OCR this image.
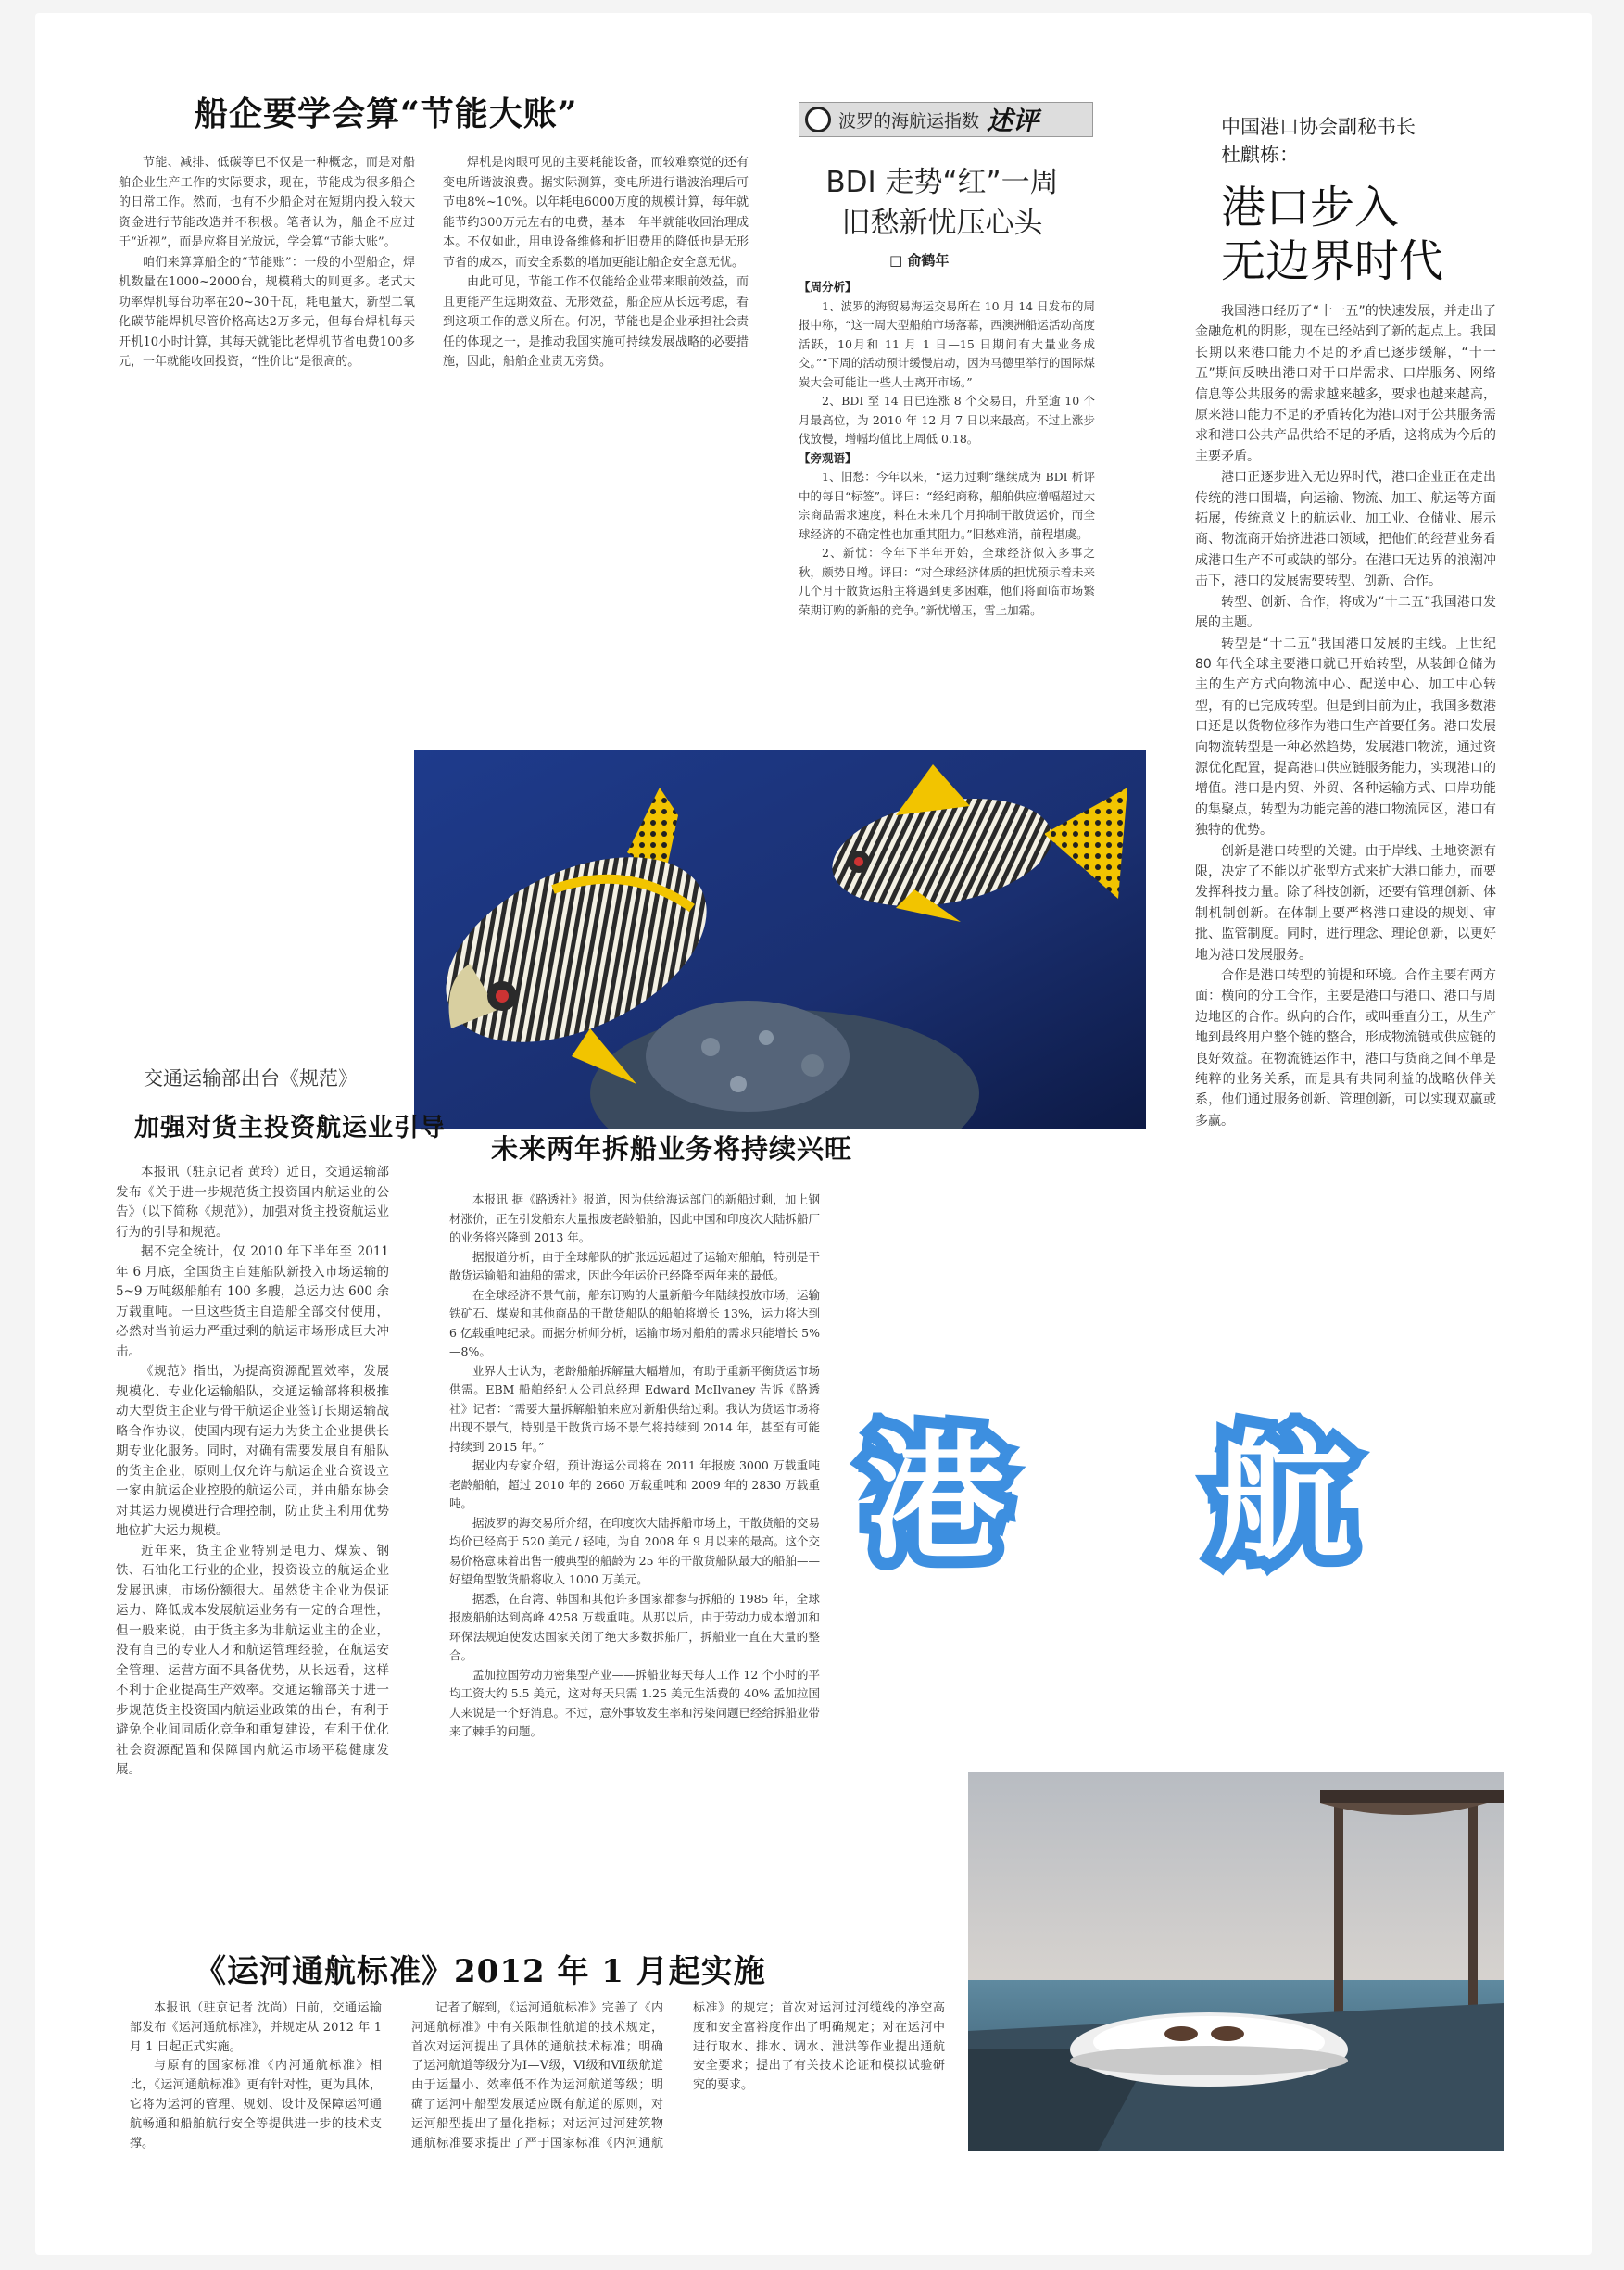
船企要学会算“节能大账”

节能、减排、低碳等已不仅是一种概念，而是对船舶企业生产工作的实际要求，现在，节能成为很多船企的日常工作。然而，也有不少船企对在短期内投入较大资金进行节能改造并不积极。笔者认为，船企不应过于“近视”，而是应将目光放远，学会算“节能大账”。

咱们来算算船企的“节能账”：一般的小型船企，焊机数量在1000~2000台，规模稍大的则更多。老式大功率焊机每台功率在20~30千瓦，耗电量大，新型二氧化碳节能焊机尽管价格高达2万多元，但每台焊机每天开机10小时计算，其每天就能比老焊机节省电费100多元，一年就能收回投资，“性价比”是很高的。

焊机是肉眼可见的主要耗能设备，而较难察觉的还有变电所谐波浪费。据实际测算，变电所进行谐波治理后可节电8%~10%。以年耗电6000万度的规模计算，每年就能节约300万元左右的电费，基本一年半就能收回治理成本。不仅如此，用电设备维修和折旧费用的降低也是无形节省的成本，而安全系数的增加更能让船企安全意无忧。

由此可见，节能工作不仅能给企业带来眼前效益，而且更能产生远期效益、无形效益，船企应从长远考虑，看到这项工作的意义所在。何况，节能也是企业承担社会责任的体现之一，是推动我国实施可持续发展战略的必要措施，因此，船舶企业责无旁贷。

波罗的海航运指数 述评
BDI 走势“红”一周
旧愁新忧压心头
□ 俞鹤年

【周分析】

1、波罗的海贸易海运交易所在 10 月 14 日发布的周报中称，“这一周大型船舶市场落幕，西澳洲船运活动高度活跃，10月和 11 月 1 日—15 日期间有大量业务成交。”“下周的活动预计缓慢启动，因为马德里举行的国际煤炭大会可能让一些人士离开市场。”

2、BDI 至 14 日已连涨 8 个交易日，升至逾 10 个月最高位，为 2010 年 12 月 7 日以来最高。不过上涨步伐放慢，增幅均值比上周低 0.18。

【旁观语】

1、旧愁：今年以来，“运力过剩”继续成为 BDI 析评中的每日“标签”。评曰：“经纪商称，船舶供应增幅超过大宗商品需求速度，料在未来几个月抑制干散货运价，而全球经济的不确定性也加重其阻力。”旧愁难消，前程堪虞。

2、新忧：今年下半年开始，全球经济似入多事之秋，颇势日增。评曰：“对全球经济体质的担忧预示着未来几个月干散货运船主将遇到更多困难，他们将面临市场繁荣期订购的新船的竞争。”新忧增压，雪上加霜。

中国港口协会副秘书长
杜麒栋：
港口步入
无边界时代

我国港口经历了“十一五”的快速发展，并走出了金融危机的阴影，现在已经站到了新的起点上。我国长期以来港口能力不足的矛盾已逐步缓解，“十一五”期间反映出港口对于口岸需求、口岸服务、网络信息等公共服务的需求越来越多，要求也越来越高，原来港口能力不足的矛盾转化为港口对于公共服务需求和港口公共产品供给不足的矛盾，这将成为今后的主要矛盾。

港口正逐步进入无边界时代，港口企业正在走出传统的港口围墙，向运输、物流、加工、航运等方面拓展，传统意义上的航运业、加工业、仓储业、展示商、物流商开始挤进港口领域，把他们的经营业务看成港口生产不可或缺的部分。在港口无边界的浪潮冲击下，港口的发展需要转型、创新、合作。

转型、创新、合作，将成为“十二五”我国港口发展的主题。

转型是“十二五”我国港口发展的主线。上世纪 80 年代全球主要港口就已开始转型，从装卸仓储为主的生产方式向物流中心、配送中心、加工中心转型，有的已完成转型。但是到目前为止，我国多数港口还是以货物位移作为港口生产首要任务。港口发展向物流转型是一种必然趋势，发展港口物流，通过资源优化配置，提高港口供应链服务能力，实现港口的增值。港口是内贸、外贸、各种运输方式、口岸功能的集聚点，转型为功能完善的港口物流园区，港口有独特的优势。

创新是港口转型的关键。由于岸线、土地资源有限，决定了不能以扩张型方式来扩大港口能力，而要发挥科技力量。除了科技创新，还要有管理创新、体制机制创新。在体制上要严格港口建设的规划、审批、监管制度。同时，进行理念、理论创新，以更好地为港口发展服务。

合作是港口转型的前提和环境。合作主要有两方面：横向的分工合作，主要是港口与港口、港口与周边地区的合作。纵向的合作，或叫垂直分工，从生产地到最终用户整个链的整合，形成物流链或供应链的良好效益。在物流链运作中，港口与货商之间不单是纯粹的业务关系，而是具有共同利益的战略伙伴关系，他们通过服务创新、管理创新，可以实现双赢或多赢。

交通运输部出台《规范》
加强对货主投资航运业引导

本报讯（驻京记者 黄玲）近日，交通运输部发布《关于进一步规范货主投资国内航运业的公告》（以下简称《规范》），加强对货主投资航运业行为的引导和规范。

据不完全统计，仅 2010 年下半年至 2011 年 6 月底，全国货主自建船队新投入市场运输的 5~9 万吨级船舶有 100 多艘，总运力达 600 余万载重吨。一旦这些货主自造船全部交付使用，必然对当前运力严重过剩的航运市场形成巨大冲击。

《规范》指出，为提高资源配置效率，发展规模化、专业化运输船队，交通运输部将积极推动大型货主企业与骨干航运企业签订长期运输战略合作协议，使国内现有运力为货主企业提供长期专业化服务。同时，对确有需要发展自有船队的货主企业，原则上仅允许与航运企业合资设立一家由航运企业控股的航运公司，并由船东协会对其运力规模进行合理控制，防止货主利用优势地位扩大运力规模。

近年来，货主企业特别是电力、煤炭、钢铁、石油化工行业的企业，投资设立的航运企业发展迅速，市场份额很大。虽然货主企业为保证运力、降低成本发展航运业务有一定的合理性，但一般来说，由于货主多为非航运业主的企业，没有自己的专业人才和航运管理经验，在航运安全管理、运营方面不具备优势，从长远看，这样不利于企业提高生产效率。交通运输部关于进一步规范货主投资国内航运业政策的出台，有利于避免企业间同质化竞争和重复建设，有利于优化社会资源配置和保障国内航运市场平稳健康发展。

未来两年拆船业务将持续兴旺

本报讯 据《路透社》报道，因为供给海运部门的新船过剩，加上钢材涨价，正在引发船东大量报废老龄船舶，因此中国和印度次大陆拆船厂的业务将兴隆到 2013 年。

据报道分析，由于全球船队的扩张远远超过了运输对船舶，特别是干散货运输船和油船的需求，因此今年运价已经降至两年来的最低。

在全球经济不景气前，船东订购的大量新船今年陆续投放市场，运输铁矿石、煤炭和其他商品的干散货船队的船舶将增长 13%，运力将达到 6 亿载重吨纪录。而据分析师分析，运输市场对船舶的需求只能增长 5%—8%。

业界人士认为，老龄船舶拆解量大幅增加，有助于重新平衡货运市场供需。EBM 船舶经纪人公司总经理 Edward McIlvaney 告诉《路透社》记者：“需要大量拆解船舶来应对新船供给过剩。我认为货运市场将出现不景气，特别是干散货市场不景气将持续到 2014 年，甚至有可能持续到 2015 年。”

据业内专家介绍，预计海运公司将在 2011 年报废 3000 万载重吨老龄船舶，超过 2010 年的 2660 万载重吨和 2009 年的 2830 万载重吨。

据波罗的海交易所介绍，在印度次大陆拆船市场上，干散货船的交易均价已经高于 520 美元 / 轻吨，为自 2008 年 9 月以来的最高。这个交易价格意味着出售一艘典型的船龄为 25 年的干散货船队最大的船舶——好望角型散货船将收入 1000 万美元。

据悉，在台湾、韩国和其他许多国家都参与拆船的 1985 年，全球报废船舶达到高峰 4258 万载重吨。从那以后，由于劳动力成本增加和环保法规迫使发达国家关闭了绝大多数拆船厂，拆船业一直在大量的整合。

孟加拉国劳动力密集型产业——拆船业每天每人工作 12 个小时的平均工资大约 5.5 美元，这对每天只需 1.25 美元生活费的 40% 孟加拉国人来说是一个好消息。不过，意外事故发生率和污染问题已经给拆船业带来了棘手的问题。

港 航
《运河通航标准》2012 年 1 月起实施

本报讯（驻京记者 沈尚）日前，交通运输部发布《运河通航标准》，并规定从 2012 年 1 月 1 日起正式实施。

与原有的国家标准《内河通航标准》相比，《运河通航标准》更有针对性，更为具体，它将为运河的管理、规划、设计及保障运河通航畅通和船舶航行安全等提供进一步的技术支撑。

记者了解到，《运河通航标准》完善了《内河通航标准》中有关限制性航道的技术规定，首次对运河提出了具体的通航技术标准；明确了运河航道等级分为Ⅰ—Ⅴ级，Ⅵ级和Ⅶ级航道由于运量小、效率低不作为运河航道等级；明确了运河中船型发展适应既有航道的原则，对运河船型提出了量化指标；对运河过河建筑物通航标准要求提出了严于国家标准《内河通航标准》的规定；首次对运河过河缆线的净空高度和安全富裕度作出了明确规定；对在运河中进行取水、排水、调水、泄洪等作业提出通航安全要求；提出了有关技术论证和模拟试验研究的要求。
